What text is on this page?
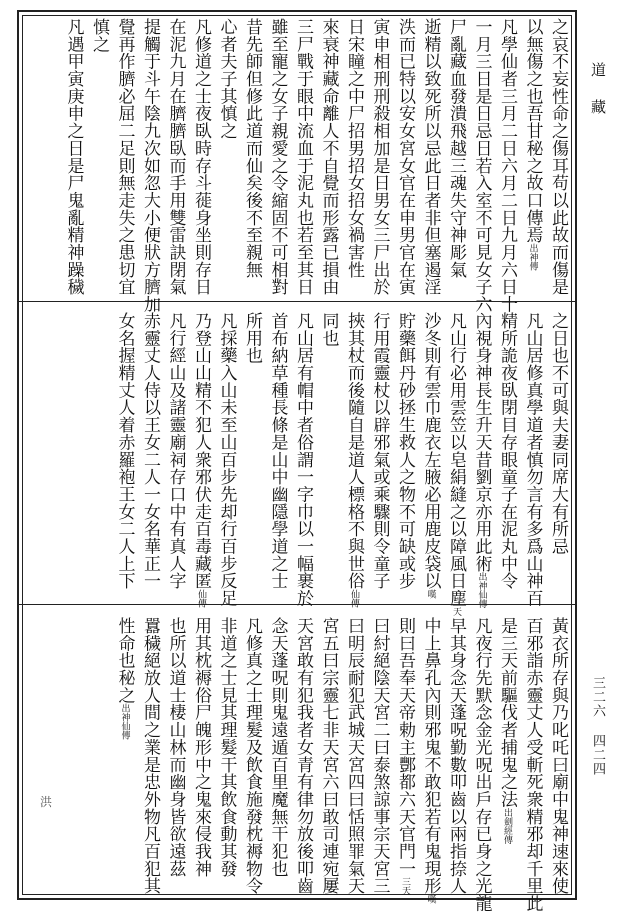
道藏
三二六 四二四
洪
之哀不妄性命之傷耳苟以此故而傷是
以無傷之也吾甘秘之故口傳焉出神傳
凡學仙者三月二日六月二日九月六日十
一月三日是日忌日若入室不可見女子六
尸亂藏血發潰飛越三魂失守神彫氣
逝精以致死所以忌此日者非但塞遏淫
泆而已特以安女宮女官在申男官在寅
寅申相刑刑殺相加是日男女三尸出於
日宋瞳之中尸招男招女招女禍害性
來衰神藏命離人不自覺而形露已損由
三尸戰于眼中流血于泥丸也若至其日
雖至寵之女子親愛之令縮固不可相對
昔先師但修此道而仙矣後不至親無
心者夫子其慎之
凡修道之士夜臥時存斗蓰身坐則存日
在泥九月在臍臍臥而手用雙雷訣閉氣
提觸于斗午陰九次如忽大小便狀方臍加
覺再作臍必屈二足則無走失之患切宜
慎之
凡遇甲寅庚申之日是尸鬼亂精神躁穢
之日也不可與夫妻同席大有所忌
凡山居修真學道者慎勿言有多爲山神百
精所詭夜臥閉目存眼童子在泥丸中令
內視身神長生升天昔劉京亦用此術出神仙傳
凡山行必用雲笠以皂絹縫之以障風日塵天
沙冬則有雲巾鹿衣左腋必用鹿皮袋以嘆
貯藥餌丹砂拯生救人之物不可缺或步
行用霞靈杖以辟邪氣或乘驟則令童子
挾其杖而後隨自是道人標格不與世俗仙傳
同也
凡山居有帽中者俗謂一字巾以一幅裹於
首布納草種長條是山中幽隱學道之士
所用也
凡採藥入山未至山百步先却行百步反足
乃登山山精不犯人衆邪伏走百毒藏匿仙傳
凡行經山及諸靈廟祠存口中有真人字
赤靈丈人侍以王女二人一女名華正一
女名握精丈人着赤羅袍王女二人上下
黃衣所存與乃叱吒曰廟中鬼神速來使
百邪詣赤靈丈人受斬死衆精邪却千里此
是三天前驅伐者捕鬼之法出劍經傳
凡夜行先默念金光呪出戶存已身之光龍
早其身念天蓬呪勤數叩齒以兩指捺人
中上鼻孔內則邪鬼不敢犯若有鬼現形嘆
則曰吾奉天帝勅主酆都六天官門一三天
曰紂絕陰天宮二曰泰煞諒事宗天宮三
曰明辰耐犯武城天宮四曰恬照罪氣天
宮五曰宗靈七非天宮六曰敢司連宛屢
天宮敢有犯我者女青有律勿放後叩齒
念天蓬呪則鬼遠遁百里魔無干犯也
凡修真之士理髮及飲食施發枕褥物令
非道之士見其理髮干其飲食動其發
用其枕褥俗尸魄形中之鬼來侵我神
也所以道士棲山林而幽身皆欲遠茲
囂穢絕放人間之業是忠外物凡百犯其
性命也秘之出神仙傳
